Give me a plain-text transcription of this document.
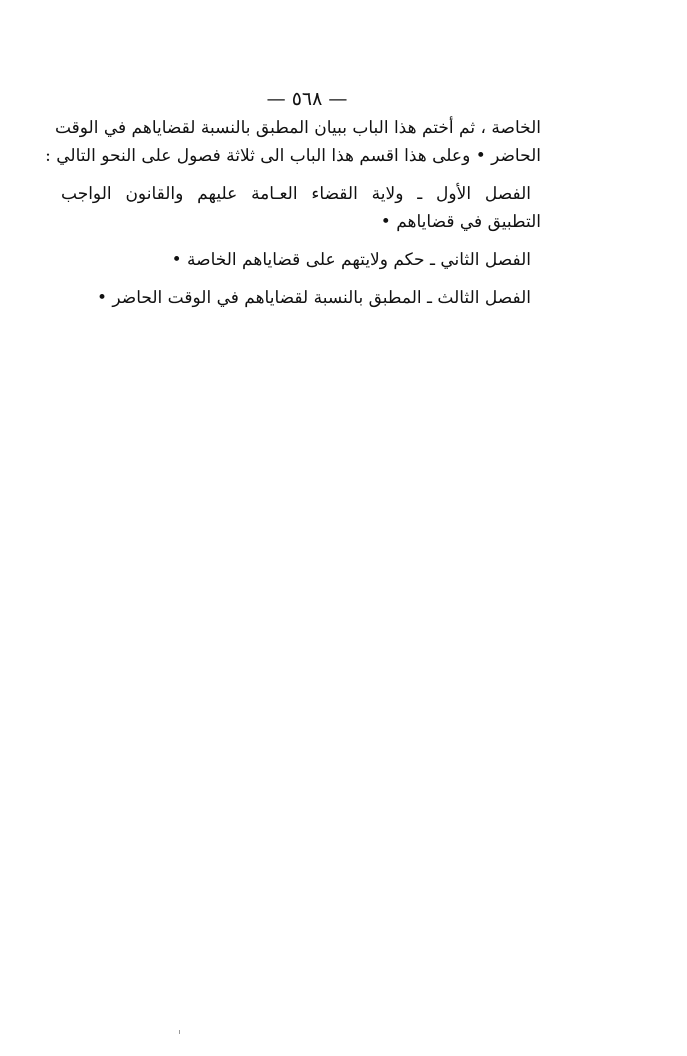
— ٥٦٨ —
الخاصة ، ثم أختم هذا الباب ببيان المطبق بالنسبة لقضاياهم في الوقت
الحاضر • وعلى هذا اقسم هذا الباب الى ثلاثة فصول على النحو التالي :
الفصل الأول ـ ولاية القضاء العـامة عليهم والقانون الواجب
التطبيق في قضاياهم •
الفصل الثاني ـ حكم ولايتهم على قضاياهم الخاصة •
الفصل الثالث ـ المطبق بالنسبة لقضاياهم في الوقت الحاضر •
